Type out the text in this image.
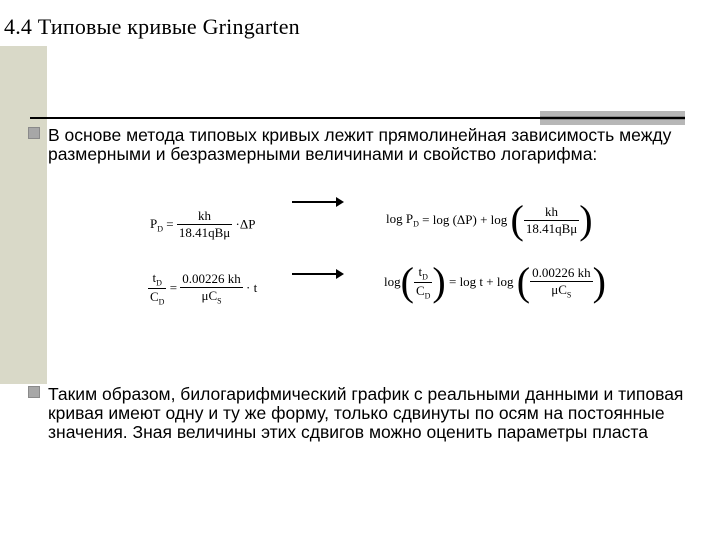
4.4 Типовые кривые Gringarten
В основе метода типовых кривых лежит прямолинейная зависимость между размерными и безразмерными величинами и свойство логарифма:
$P_D$ =
kh
18.41qBμ
·ΔP
$\frac{t_D}{C_D}$ =
0.00226 kh
$\mu C_S$
· t
$\log P_D = \log (\Delta P) + \log$ (	kh
18.41qBμ )
$\log( \frac{t_D}{C_D}$ ) = log t + log ( 0.00226 kh
$\mu C_S$ )
Таким образом, билогарифмический график с реальными данными и типовая кривая имеют одну и ту же форму, только сдвинуты по осям на постоянные значения. Зная величины этих сдвигов можно оценить параметры пласта
